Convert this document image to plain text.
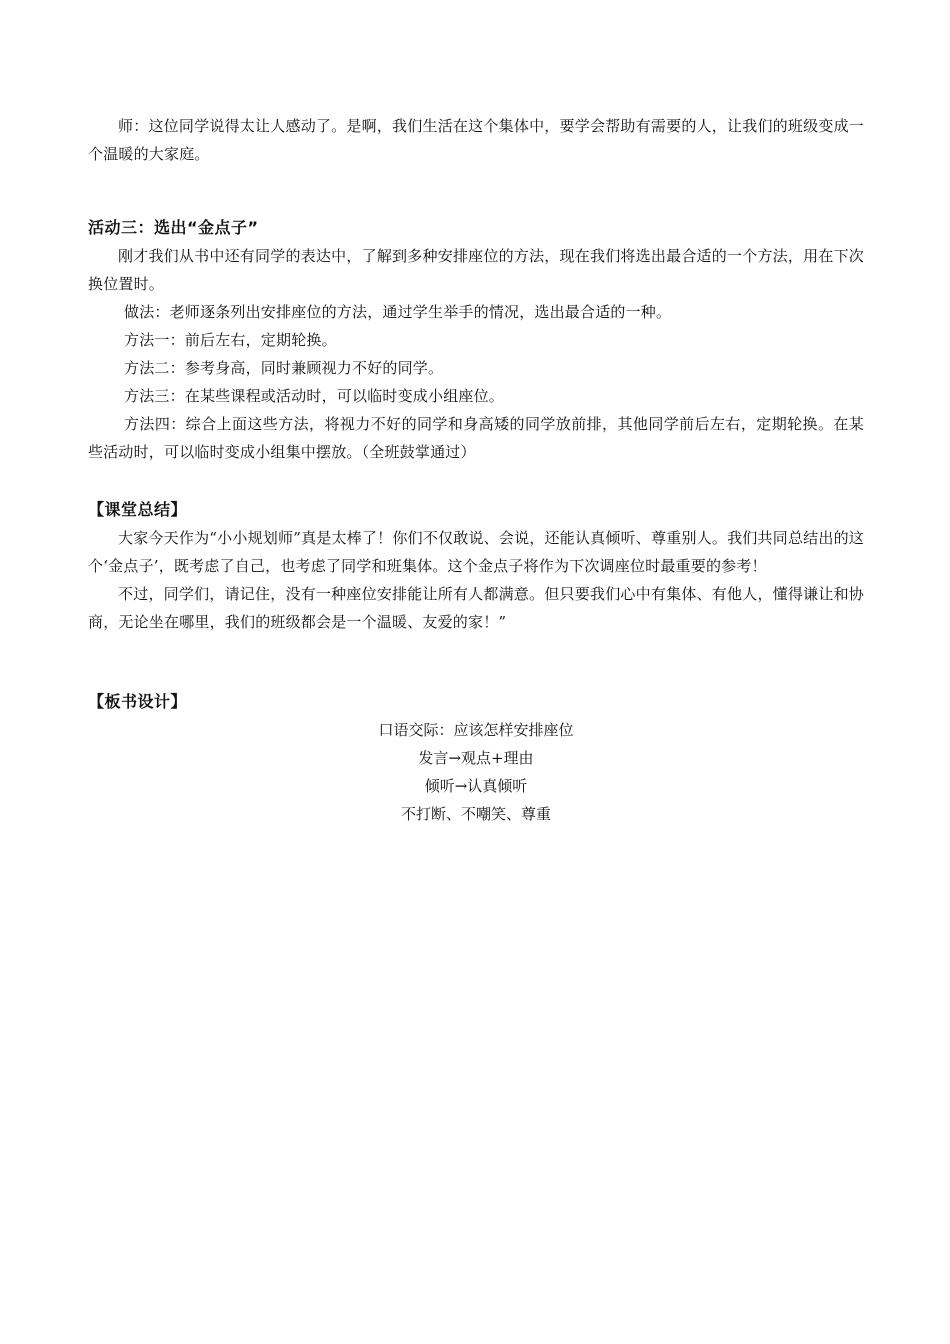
师：这位同学说得太让人感动了。是啊，我们生活在这个集体中，要学会帮助有需要的人，让我们的班级变成一个温暖的大家庭。

活动三：选出“金点子”

刚才我们从书中还有同学的表达中，了解到多种安排座位的方法，现在我们将选出最合适的一个方法，用在下次换位置时。

做法：老师逐条列出安排座位的方法，通过学生举手的情况，选出最合适的一种。

方法一：前后左右，定期轮换。

方法二：参考身高，同时兼顾视力不好的同学。

方法三：在某些课程或活动时，可以临时变成小组座位。

方法四：综合上面这些方法，将视力不好的同学和身高矮的同学放前排，其他同学前后左右，定期轮换。在某些活动时，可以临时变成小组集中摆放。（全班鼓掌通过）

【课堂总结】

大家今天作为“小小规划师”真是太棒了！你们不仅敢说、会说，还能认真倾听、尊重别人。我们共同总结出的这个‘金点子’，既考虑了自己，也考虑了同学和班集体。这个金点子将作为下次调座位时最重要的参考！

不过，同学们，请记住，没有一种座位安排能让所有人都满意。但只要我们心中有集体、有他人，懂得谦让和协商，无论坐在哪里，我们的班级都会是一个温暖、友爱的家！”

【板书设计】

口语交际：应该怎样安排座位

发言→观点+理由

倾听→认真倾听

不打断、不嘲笑、尊重
